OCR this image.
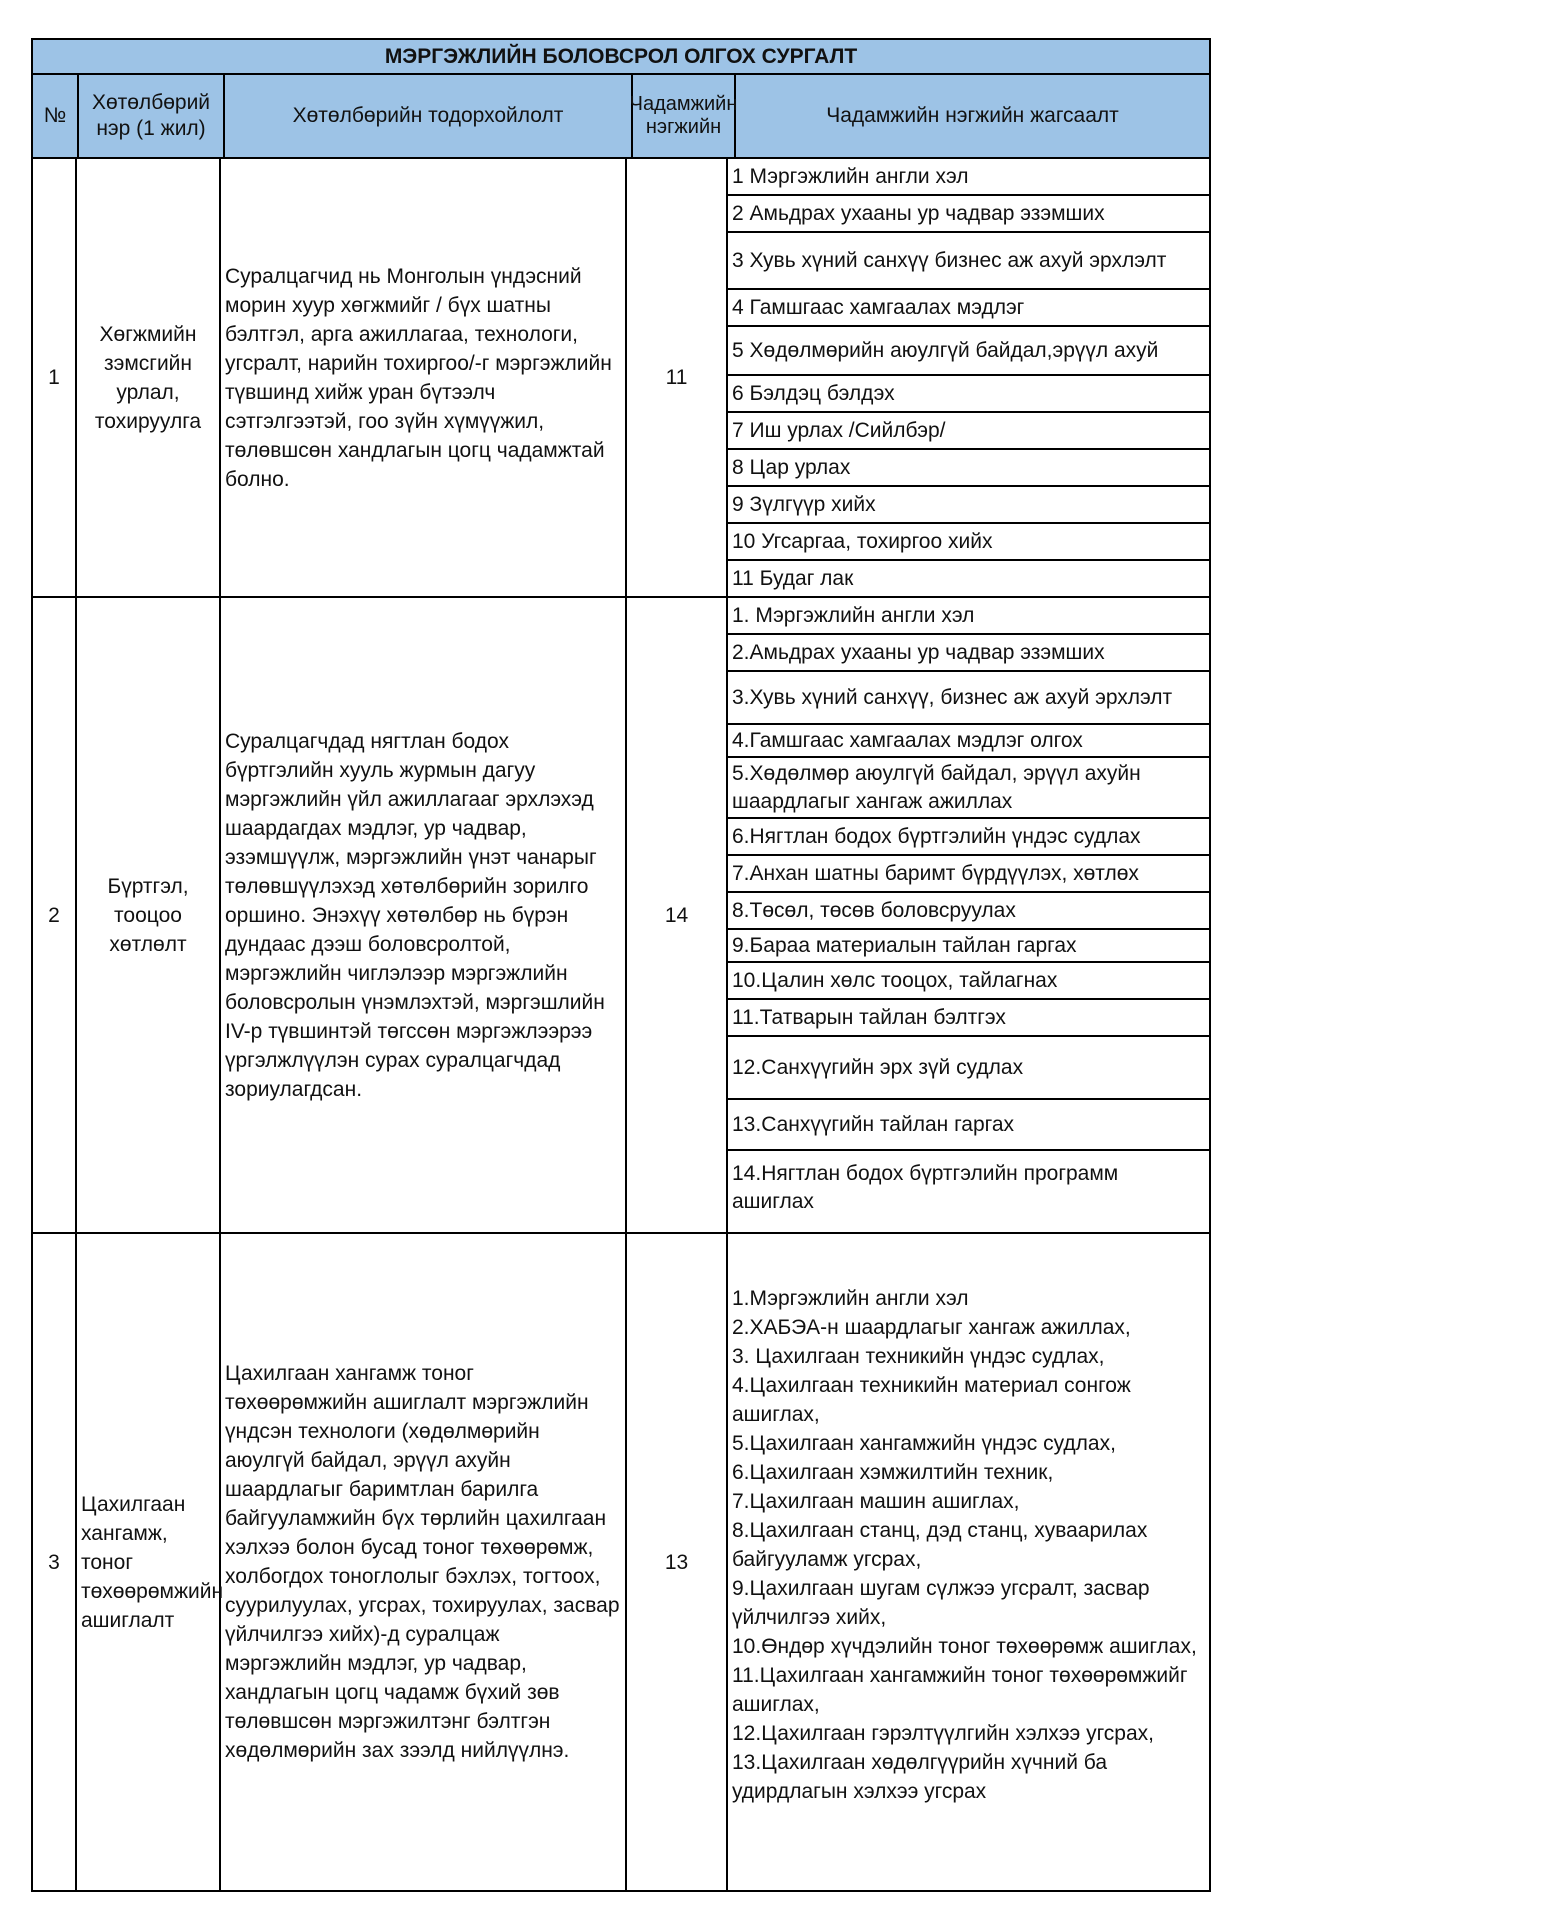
МЭРГЭЖЛИЙН БОЛОВСРОЛ ОЛГОХ СУРГАЛТ
№
Хөтөлбөрий нэр (1 жил)
Хөтөлбөрийн тодорхойлолт	Чадамжийн нэгжийн	Чадамжийн нэгжийн жагсаалт
1
Хөгжмийн зэмсгийн урлал, тохируулга
Суралцагчид нь Монголын үндэсний морин хуур хөгжмийг / бүх шатны бэлтгэл, арга ажиллагаа, технологи, угсралт, нарийн тохиргоо/-г мэргэжлийн түвшинд хийж уран бүтээлч сэтгэлгээтэй, гоо зүйн хүмүүжил, төлөвшсөн хандлагын цогц чадамжтай болно.
11
1 Мэргэжлийн англи хэл
2 Амьдрах ухааны ур чадвар эзэмших
3 Хувь хүний санхүү бизнес аж ахуй эрхлэлт
4 Гамшгаас хамгаалах мэдлэг
5 Хөдөлмөрийн аюулгүй байдал,эрүүл ахуй
6 Бэлдэц бэлдэх
7 Иш урлах /Сийлбэр/
8 Цар урлах
9 Зүлгүүр хийх
10 Угсаргаа, тохиргоо хийх
11 Будаг лак
2
Бүртгэл, тооцоо хөтлөлт
Суралцагчдад нягтлан бодох бүртгэлийн хууль журмын дагуу мэргэжлийн үйл ажиллагааг эрхлэхэд шаардагдах мэдлэг, ур чадвар, эзэмшүүлж, мэргэжлийн үнэт чанарыг төлөвшүүлэхэд хөтөлбөрийн зорилго оршино. Энэхүү хөтөлбөр нь бүрэн дундаас дээш боловсролтой, мэргэжлийн чиглэлээр мэргэжлийн боловсролын үнэмлэхтэй, мэргэшлийн IV-р түвшинтэй төгссөн мэргэжлээрээ үргэлжлүүлэн сурах суралцагчдад зориулагдсан.
14
1. Мэргэжлийн англи хэл
2.Амьдрах ухааны ур чадвар эзэмших
3.Хувь хүний санхүү, бизнес аж ахуй эрхлэлт
4.Гамшгаас хамгаалах мэдлэг олгох
5.Хөдөлмөр аюулгүй байдал, эрүүл ахуйн шаардлагыг хангаж ажиллах
6.Нягтлан бодох бүртгэлийн үндэс судлах
7.Анхан шатны баримт бүрдүүлэх, хөтлөх
8.Төсөл, төсөв боловсруулах
9.Бараа материалын тайлан гаргах
10.Цалин хөлс тооцох, тайлагнах
11.Татварын тайлан бэлтгэх
12.Санхүүгийн эрх зүй судлах
13.Санхүүгийн тайлан гаргах
14.Нягтлан бодох бүртгэлийн программ ашиглах
3
Цахилгаан хангамж, тоног төхөөрөмжийн ашиглалт
Цахилгаан хангамж тоног төхөөрөмжийн ашиглалт мэргэжлийн үндсэн технологи (хөдөлмөрийн аюулгүй байдал, эрүүл ахуйн шаардлагыг баримтлан барилга байгууламжийн бүх төрлийн цахилгаан хэлхээ болон бусад тоног төхөөрөмж, холбогдох тоноглолыг бэхлэх, тогтоох, суурилуулах, угсрах, тохируулах, засвар үйлчилгээ хийх)-д суралцаж мэргэжлийн мэдлэг, ур чадвар, хандлагын цогц чадамж бүхий зөв төлөвшсөн мэргэжилтэнг бэлтгэн хөдөлмөрийн зах зээлд нийлүүлнэ.
13
1.Мэргэжлийн англи хэл
2.ХАБЭА-н шаардлагыг хангаж ажиллах,
3. Цахилгаан техникийн үндэс судлах,
4.Цахилгаан техникийн материал сонгож ашиглах,
5.Цахилгаан хангамжийн үндэс судлах,
6.Цахилгаан хэмжилтийн техник,
7.Цахилгаан машин ашиглах,
8.Цахилгаан станц, дэд станц, хуваарилах байгууламж угсрах,
9.Цахилгаан шугам сүлжээ угсралт, засвар үйлчилгээ хийх,
10.Өндөр хүчдэлийн тоног төхөөрөмж ашиглах,
11.Цахилгаан хангамжийн тоног төхөөрөмжийг ашиглах,
12.Цахилгаан гэрэлтүүлгийн хэлхээ угсрах,
13.Цахилгаан хөдөлгүүрийн хүчний ба удирдлагын хэлхээ угсрах
